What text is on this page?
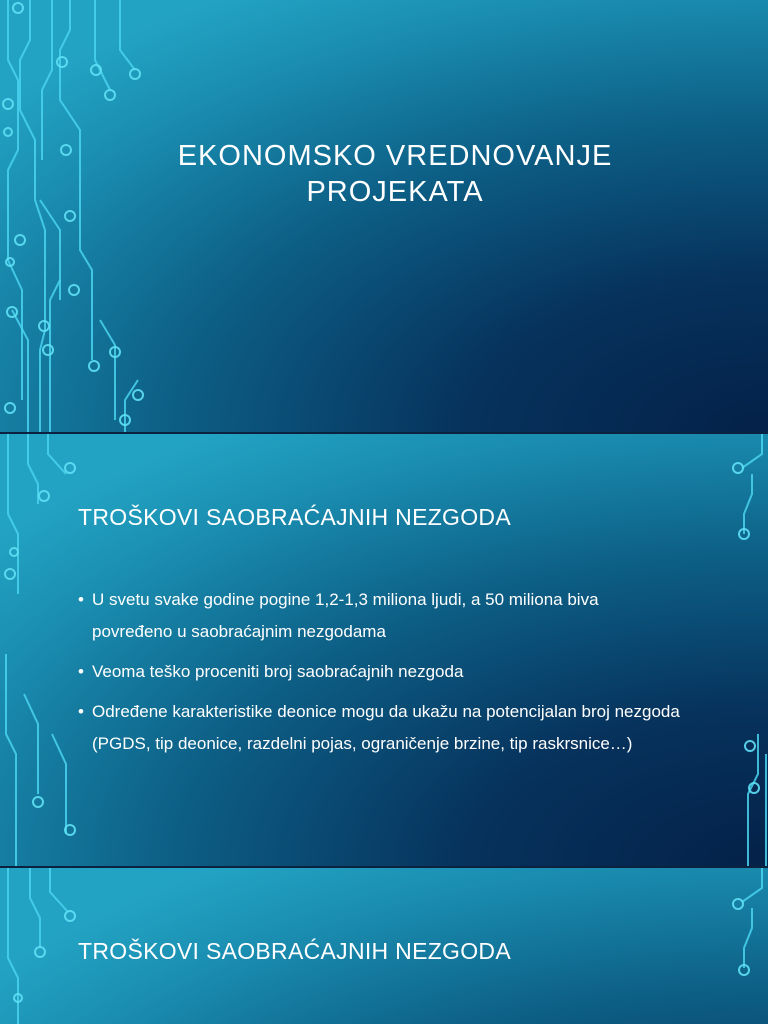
EKONOMSKO VREDNOVANJE
PROJEKATA
TROŠKOVI SAOBRAĆAJNIH NEZGODA
• U svetu svake godine pogine 1,2-1,3 miliona ljudi, a 50 miliona biva povređeno u saobraćajnim nezgodama
• Veoma teško proceniti broj saobraćajnih nezgoda
• Određene karakteristike deonice mogu da ukažu na potencijalan broj nezgoda (PGDS, tip deonice, razdelni pojas, ograničenje brzine, tip raskrsnice…)
TROŠKOVI SAOBRAĆAJNIH NEZGODA
